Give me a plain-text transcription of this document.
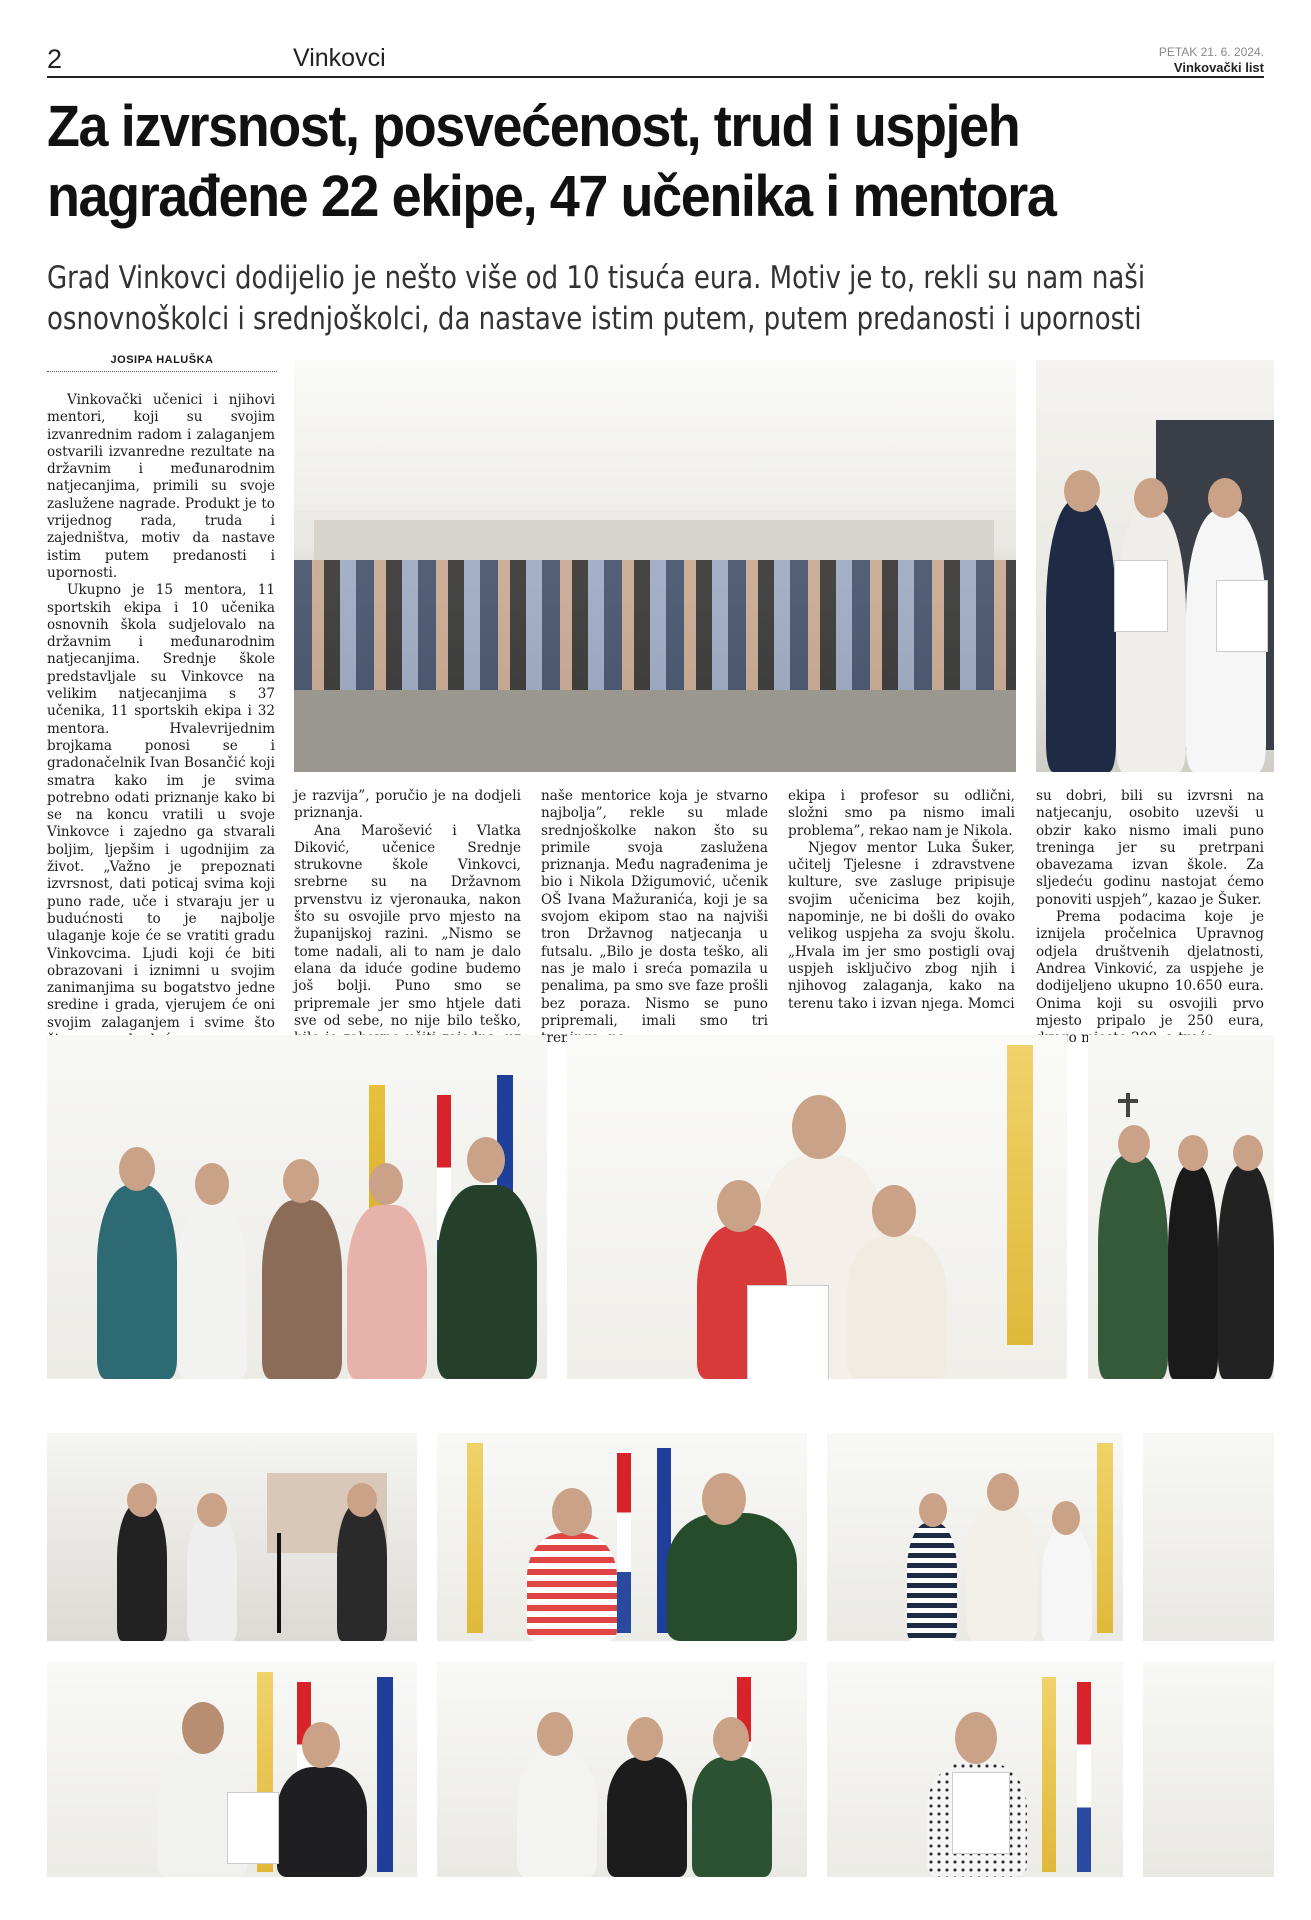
2	Vinkovci	PETAK 21. 6. 2024.
Vinkovački list
Za izvrsnost, posvećenost, trud i uspjeh
nagrađene 22 ekipe, 47 učenika i mentora
Grad Vinkovci dodijelio je nešto više od 10 tisuća eura. Motiv je to, rekli su nam naši
osnovnoškolci i srednjoškolci, da nastave istim putem, putem predanosti i upornosti
JOSIPA HALUŠKA

Vinkovački učenici i njihovi mentori, koji su svojim izvanrednim radom i zalaganjem ostvarili izvanredne rezultate na državnim i međunarodnim natjecanjima, primili su svoje zaslužene nagrade. Produkt je to vrijednog rada, truda i zajedništva, motiv da nastave istim putem predanosti i upornosti.

Ukupno je 15 mentora, 11 sportskih ekipa i 10 učenika osnovnih škola sudjelovalo na državnim i međunarodnim natjecanjima. Srednje škole predstavljale su Vinkovce na velikim natjecanjima s 37 učenika, 11 sportskih ekipa i 32 mentora. Hvalevrijednim brojkama ponosi se i gradonačelnik Ivan Bosančić koji smatra kako im je svima potrebno odati priznanje kako bi se na koncu vratili u svoje Vinkovce i zajedno ga stvarali boljim, ljepšim i ugodnijim za život. „Važno je prepoznati izvrsnost, dati poticaj svima koji puno rade, uče i stvaraju jer u budućnosti to je najbolje ulaganje koje će se vratiti gradu Vinkovcima. Ljudi koji će biti obrazovani i iznimni u svojim zanimanjima su bogatstvo jedne sredine i grada, vjerujem će oni svojim zalaganjem i svime što

je razvija”, poručio je na dodjeli priznanja.

Ana Marošević i Vlatka Diković, učenice Srednje strukovne škole Vinkovci, srebrne su na Državnom prvenstvu iz vjeronauka, nakon što su osvojile prvo mjesto na županijskoj razini. „Nismo se tome nadali, ali to nam je dalo elana da iduće godine budemo još bolji. Puno smo se pripremale jer smo htjele dati sve od sebe, no nije bilo teško,

naše mentorice koja je stvarno najbolja”, rekle su mlade srednjoškolke nakon što su primile svoja zaslužena priznanja. Među nagrađenima je bio i Nikola Džigumović, učenik OŠ Ivana Mažuranića, koji je sa svojom ekipom stao na najviši tron Državnog natjecanja u futsalu. „Bilo je dosta teško, ali nas je malo i sreća pomazila u penalima, pa smo sve faze prošli bez poraza. Nismo se puno pripremali, imali smo tri

ekipa i profesor su odlični, složni smo pa nismo imali problema”, rekao nam je Nikola.

Njegov mentor Luka Šuker, učitelj Tjelesne i zdravstvene kulture, sve zasluge pripisuje svojim učenicima bez kojih, napominje, ne bi došli do ovako velikog uspjeha za svoju školu. „Hvala im jer smo postigli ovaj uspjeh isključivo zbog njih i njihovog zalaganja, kako na terenu tako i izvan njega. Momci

su dobri, bili su izvrsni na natjecanju, osobito uzevši u obzir kako nismo imali puno treninga jer su pretrpani obavezama izvan škole. Za sljedeću godinu nastojat ćemo ponoviti uspjeh”, kazao je Šuker.

Prema podacima koje je iznijela pročelnica Upravnog odjela društvenih djelatnosti, Andrea Vinković, za uspjehe je dodijeljeno ukupno 10.650 eura. Onima koji su osvojili prvo mjesto pripalo je 250 eura,
